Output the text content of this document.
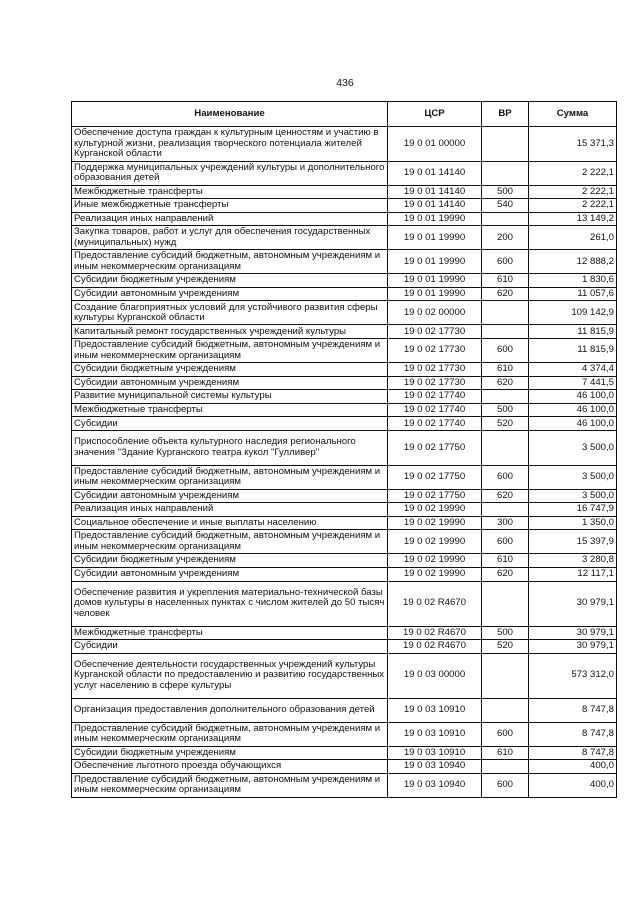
436
Наименование	ЦСР	ВР	Сумма
Обеспечение доступа граждан к культурным ценностям и участию в культурной жизни, реализация творческого потенциала жителей Курганской области	19 0 01 00000		15 371,3
Поддержка муниципальных учреждений культуры и дополнительного образования детей	19 0 01 14140		2 222,1
Межбюджетные трансферты	19 0 01 14140	500	2 222,1
Иные межбюджетные трансферты	19 0 01 14140	540	2 222,1
Реализация иных направлений	19 0 01 19990		13 149,2
Закупка товаров, работ и услуг для обеспечения государственных (муниципальных) нужд	19 0 01 19990	200	261,0
Предоставление субсидий бюджетным, автономным учреждениям и иным некоммерческим организациям	19 0 01 19990	600	12 888,2
Субсидии бюджетным учреждениям	19 0 01 19990	610	1 830,6
Субсидии автономным учреждениям	19 0 01 19990	620	11 057,6
Создание благоприятных условий для устойчивого развития сферы культуры Курганской области	19 0 02 00000		109 142,9
Капитальный ремонт государственных учреждений культуры	19 0 02 17730		11 815,9
Предоставление субсидий бюджетным, автономным учреждениям и иным некоммерческим организациям	19 0 02 17730	600	11 815,9
Субсидии бюджетным учреждениям	19 0 02 17730	610	4 374,4
Субсидии автономным учреждениям	19 0 02 17730	620	7 441,5
Развитие муниципальной системы культуры	19 0 02 17740		46 100,0
Межбюджетные трансферты	19 0 02 17740	500	46 100,0
Субсидии	19 0 02 17740	520	46 100,0
Приспособление объекта культурного наследия регионального значения "Здание Курганского театра кукол "Гулливер"	19 0 02 17750		3 500,0
Предоставление субсидий бюджетным, автономным учреждениям и иным некоммерческим организациям	19 0 02 17750	600	3 500,0
Субсидии автономным учреждениям	19 0 02 17750	620	3 500,0
Реализация иных направлений	19 0 02 19990		16 747,9
Социальное обеспечение и иные выплаты населению	19 0 02 19990	300	1 350,0
Предоставление субсидий бюджетным, автономным учреждениям и иным некоммерческим организациям	19 0 02 19990	600	15 397,9
Субсидии бюджетным учреждениям	19 0 02 19990	610	3 280,8
Субсидии автономным учреждениям	19 0 02 19990	620	12 117,1
Обеспечение развития и укрепления материально-технической базы домов культуры в населенных пунктах с числом жителей до 50 тысяч человек	19 0 02 R4670		30 979,1
Межбюджетные трансферты	19 0 02 R4670	500	30 979,1
Субсидии	19 0 02 R4670	520	30 979,1
Обеспечение деятельности государственных учреждений культуры Курганской области по предоставлению и развитию государственных услуг населению в сфере культуры	19 0 03 00000		573 312,0
Организация предоставления дополнительного образования детей	19 0 03 10910		8 747,8
Предоставление субсидий бюджетным, автономным учреждениям и иным некоммерческим организациям	19 0 03 10910	600	8 747,8
Субсидии бюджетным учреждениям	19 0 03 10910	610	8 747,8
Обеспечение льготного проезда обучающихся	19 0 03 10940		400,0
Предоставление субсидий бюджетным, автономным учреждениям и иным некоммерческим организациям	19 0 03 10940	600	400,0
